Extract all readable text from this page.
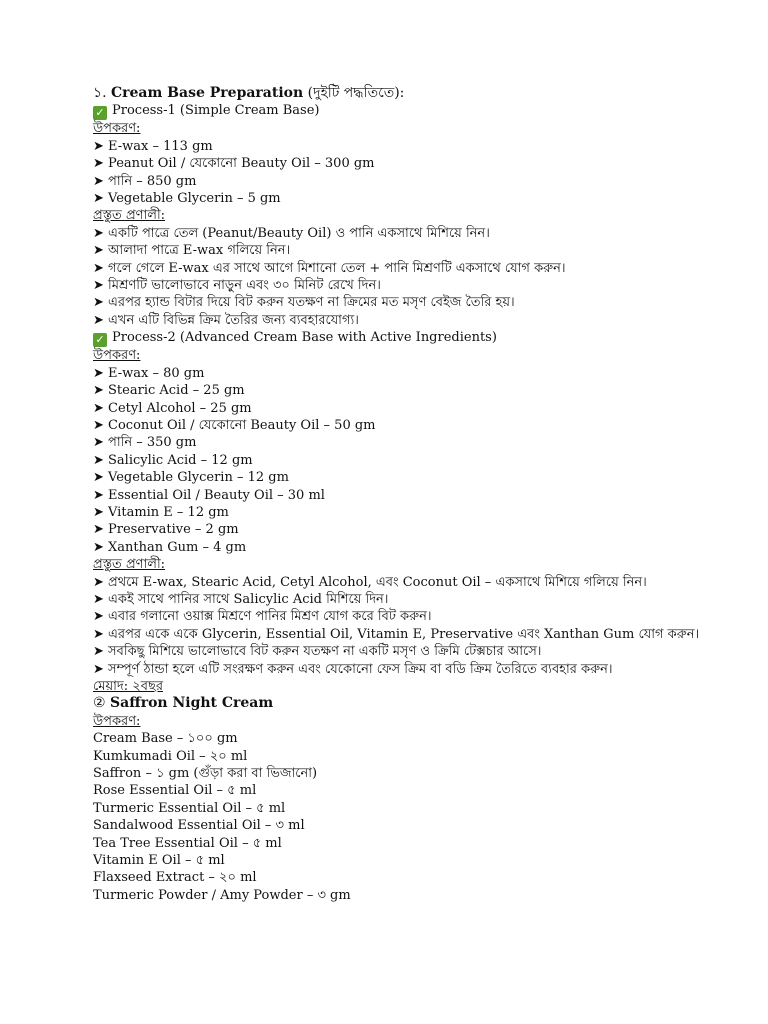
১. Cream Base Preparation (দুইটি পদ্ধতিতে):
✓ Process-1 (Simple Cream Base)
উপকরণ:
➤ E-wax – 113 gm
➤ Peanut Oil / যেকোনো Beauty Oil – 300 gm
➤ পানি – 850 gm
➤ Vegetable Glycerin – 5 gm
প্রস্তুত প্রণালী:
➤ একটি পাত্রে তেল (Peanut/Beauty Oil) ও পানি একসাথে মিশিয়ে নিন।
➤ আলাদা পাত্রে E-wax গলিয়ে নিন।
➤ গলে গেলে E-wax এর সাথে আগে মিশানো তেল + পানি মিশ্রণটি একসাথে যোগ করুন।
➤ মিশ্রণটি ভালোভাবে নাড়ুন এবং ৩০ মিনিট রেখে দিন।
➤ এরপর হ্যান্ড বিটার দিয়ে বিট করুন যতক্ষণ না ক্রিমের মত মসৃণ বেইজ তৈরি হয়।
➤ এখন এটি বিভিন্ন ক্রিম তৈরির জন্য ব্যবহারযোগ্য।
✓ Process-2 (Advanced Cream Base with Active Ingredients)
উপকরণ:
➤ E-wax – 80 gm
➤ Stearic Acid – 25 gm
➤ Cetyl Alcohol – 25 gm
➤ Coconut Oil / যেকোনো Beauty Oil – 50 gm
➤ পানি – 350 gm
➤ Salicylic Acid – 12 gm
➤ Vegetable Glycerin – 12 gm
➤ Essential Oil / Beauty Oil – 30 ml
➤ Vitamin E – 12 gm
➤ Preservative – 2 gm
➤ Xanthan Gum – 4 gm
প্রস্তুত প্রণালী:
➤ প্রথমে E-wax, Stearic Acid, Cetyl Alcohol, এবং Coconut Oil – একসাথে মিশিয়ে গলিয়ে নিন।
➤ একই সাথে পানির সাথে Salicylic Acid মিশিয়ে দিন।
➤ এবার গলানো ওয়াক্স মিশ্রণে পানির মিশ্রণ যোগ করে বিট করুন।
➤ এরপর একে একে Glycerin, Essential Oil, Vitamin E, Preservative এবং Xanthan Gum যোগ করুন।
➤ সবকিছু মিশিয়ে ভালোভাবে বিট করুন যতক্ষণ না একটি মসৃণ ও ক্রিমি টেক্সচার আসে।
➤ সম্পূর্ণ ঠান্ডা হলে এটি সংরক্ষণ করুন এবং যেকোনো ফেস ক্রিম বা বডি ক্রিম তৈরিতে ব্যবহার করুন।
মেয়াদ: ২বছর
② Saffron Night Cream
উপকরণ:
Cream Base – ১০০ gm
Kumkumadi Oil – ২০ ml
Saffron – ১ gm (গুঁড়া করা বা ভিজানো)
Rose Essential Oil – ৫ ml
Turmeric Essential Oil – ৫ ml
Sandalwood Essential Oil – ৩ ml
Tea Tree Essential Oil – ৫ ml
Vitamin E Oil – ৫ ml
Flaxseed Extract – ২০ ml
Turmeric Powder / Amy Powder – ৩ gm
